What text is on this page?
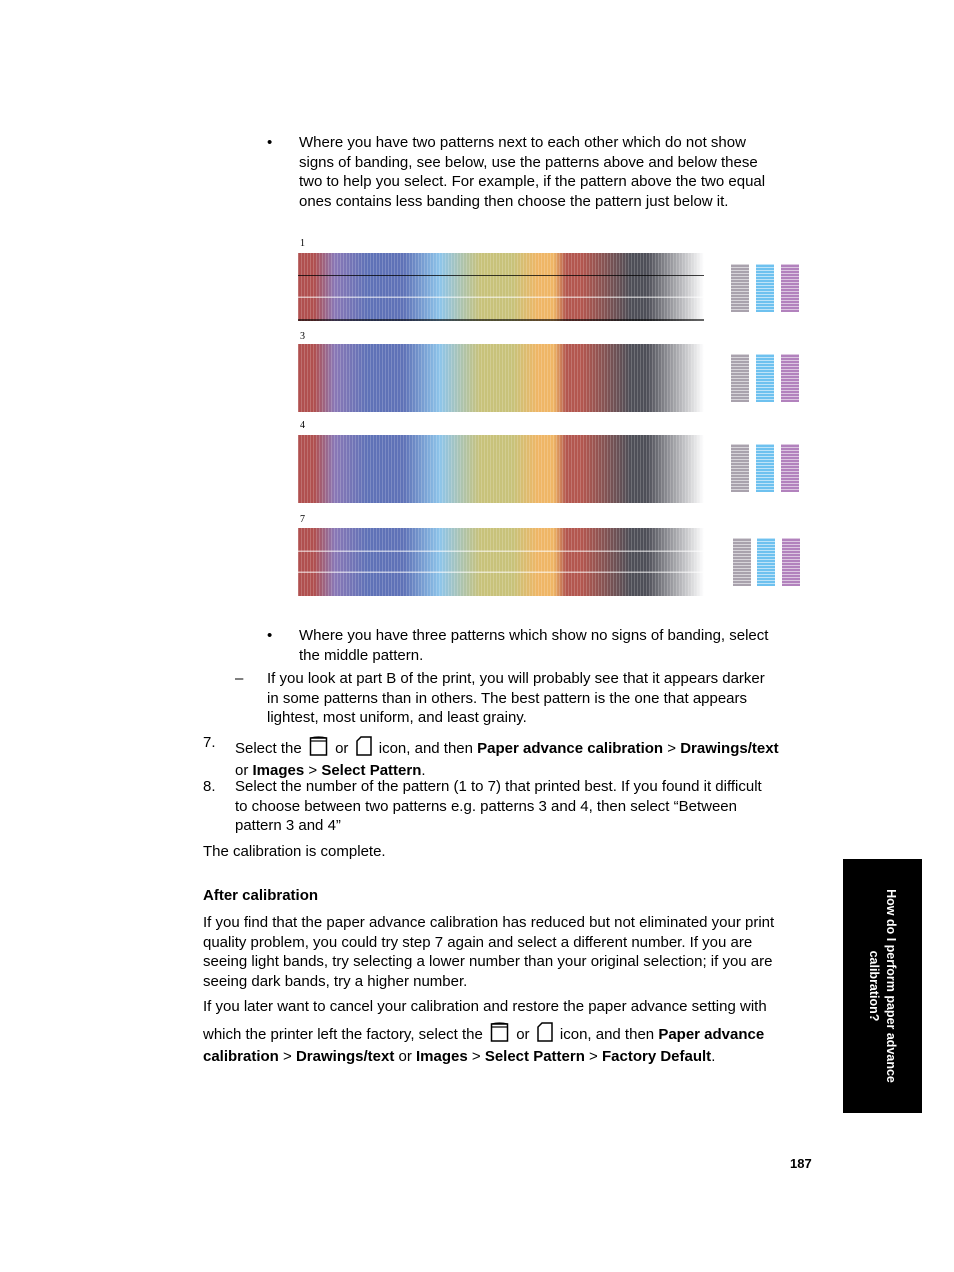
• Where you have two patterns next to each other which do not show
signs of banding, see below, use the patterns above and below these
two to help you select. For example, if the pattern above the two equal
ones contains less banding then choose the pattern just below it.
1
3
4
7
• Where you have three patterns which show no signs of banding, select
the middle pattern.
– If you look at part B of the print, you will probably see that it appears darker
in some patterns than in others. The best pattern is the one that appears
lightest, most uniform, and least grainy.
7. Select the or icon, and then Paper advance calibration > Drawings/text
or Images > Select Pattern.
8. Select the number of the pattern (1 to 7) that printed best. If you found it difficult
to choose between two patterns e.g. patterns 3 and 4, then select “Between
pattern 3 and 4”
The calibration is complete.
After calibration
If you find that the paper advance calibration has reduced but not eliminated your print
quality problem, you could try step 7 again and select a different number. If you are
seeing light bands, try selecting a lower number than your original selection; if you are
seeing dark bands, try a higher number.
If you later want to cancel your calibration and restore the paper advance setting with
which the printer left the factory, select the or icon, and then Paper advance
calibration > Drawings/text or Images > Select Pattern > Factory Default.	How do I perform paper advance
calibration?
187
